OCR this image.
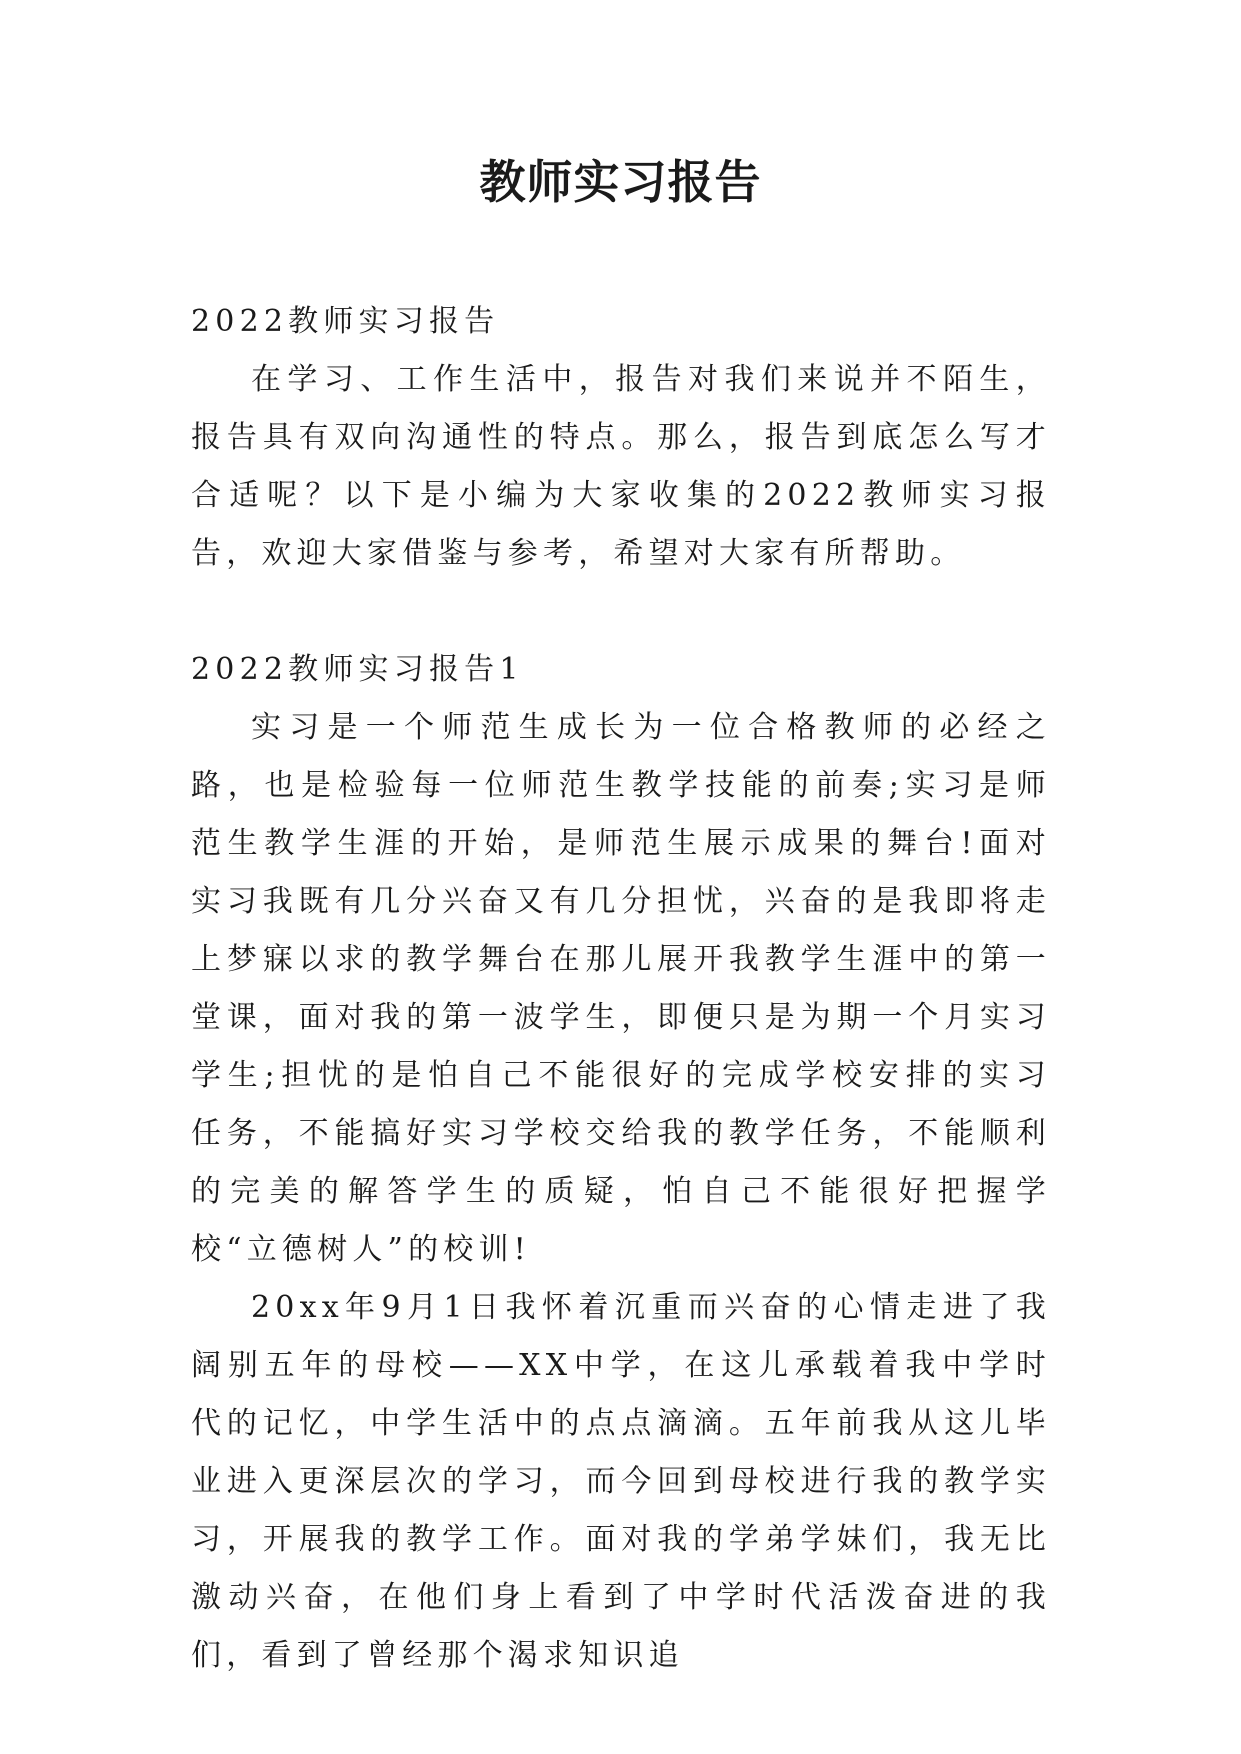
教师实习报告

2022教师实习报告

在学习、工作生活中，报告对我们来说并不陌生，报告具有双向沟通性的特点。那么，报告到底怎么写才合适呢？以下是小编为大家收集的2022教师实习报告，欢迎大家借鉴与参考，希望对大家有所帮助。

2022教师实习报告1

实习是一个师范生成长为一位合格教师的必经之路，也是检验每一位师范生教学技能的前奏;实习是师范生教学生涯的开始，是师范生展示成果的舞台!面对实习我既有几分兴奋又有几分担忧，兴奋的是我即将走上梦寐以求的教学舞台在那儿展开我教学生涯中的第一堂课，面对我的第一波学生，即便只是为期一个月实习学生;担忧的是怕自己不能很好的完成学校安排的实习任务，不能搞好实习学校交给我的教学任务，不能顺利的完美的解答学生的质疑，怕自己不能很好把握学校“立德树人”的校训!

20xx年9月1日我怀着沉重而兴奋的心情走进了我阔别五年的母校——XX中学，在这儿承载着我中学时代的记忆，中学生活中的点点滴滴。五年前我从这儿毕业进入更深层次的学习，而今回到母校进行我的教学实习，开展我的教学工作。面对我的学弟学妹们，我无比激动兴奋，在他们身上看到了中学时代活泼奋进的我们，看到了曾经那个渴求知识追
